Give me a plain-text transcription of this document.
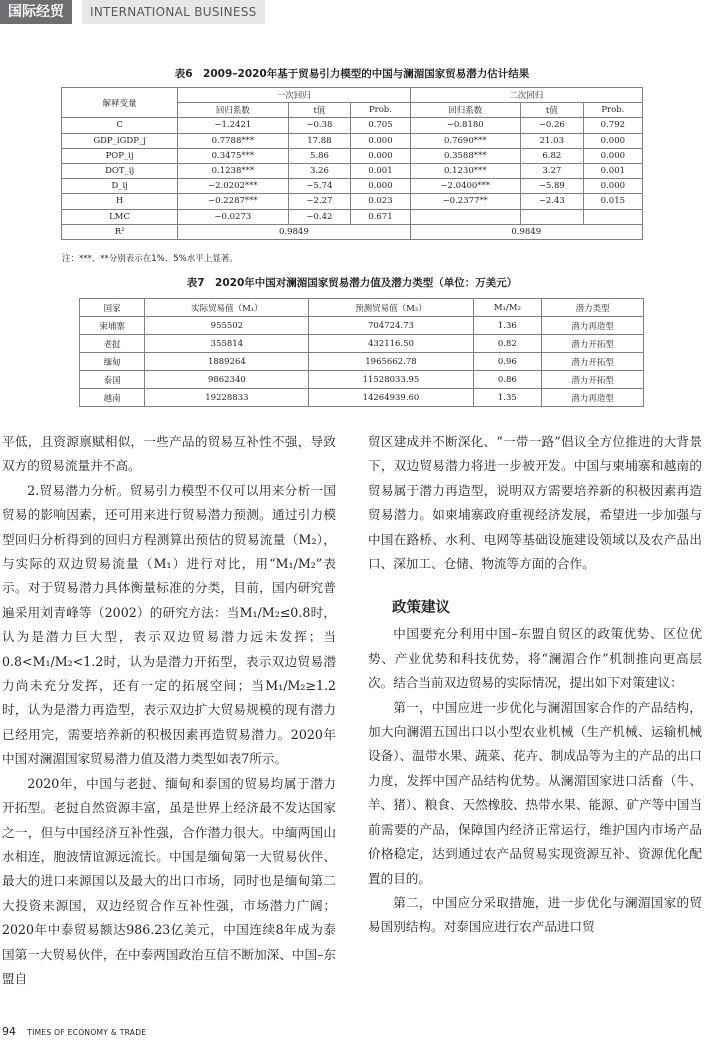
国际经贸	INTERNATIONAL BUSINESS
表6　2009–2020年基于贸易引力模型的中国与澜湄国家贸易潜力估计结果
解释变量	一次回归			二次回归		
	回归系数	t值	Prob.	回归系数	t值	Prob.
C	−1.2421	−0.38	0.705	−0.8180	−0.26	0.792
GDP_iGDP_j	0.7788***	17.88	0.000	0.7690***	21.03	0.000
POP_ij	0.3475***	5.86	0.000	0.3588***	6.82	0.000
DOT_ij	0.1238***	3.26	0.001	0.1230***	3.27	0.001
D_ij	−2.0202***	−5.74	0.000	−2.0400***	−5.89	0.000
H	−0.2287***	−2.27	0.023	−0.2377**	−2.43	0.015
LMC	−0.0273	−0.42	0.671			
R²	0.9849			0.9849		
注：***、**分别表示在1%、5%水平上显著。
表7　2020年中国对澜湄国家贸易潜力值及潜力类型（单位：万美元）
国家	实际贸易值（M₁）	预测贸易值（M₂）	M₁/M₂	潜力类型
柬埔寨	955502	704724.73	1.36	潜力再造型
老挝	355814	432116.50	0.82	潜力开拓型
缅甸	1889264	1965662.78	0.96	潜力开拓型
泰国	9862340	11528033.95	0.86	潜力开拓型
越南	19228833	14264939.60	1.35	潜力再造型

平低，且资源禀赋相似，一些产品的贸易互补性不强，导致双方的贸易流量并不高。

2.贸易潜力分析。贸易引力模型不仅可以用来分析一国贸易的影响因素，还可用来进行贸易潜力预测。通过引力模型回归分析得到的回归方程测算出预估的贸易流量（M₂），与实际的双边贸易流量（M₁）进行对比，用“M₁/M₂”表示。对于贸易潜力具体衡量标准的分类，目前，国内研究普遍采用刘青峰等（2002）的研究方法：当M₁/M₂≤0.8时，认为是潜力巨大型，表示双边贸易潜力远未发挥；当0.8<M₁/M₂<1.2时，认为是潜力开拓型，表示双边贸易潜力尚未充分发挥，还有一定的拓展空间；当M₁/M₂≥1.2时，认为是潜力再造型，表示双边扩大贸易规模的现有潜力已经用完，需要培养新的积极因素再造贸易潜力。2020年中国对澜湄国家贸易潜力值及潜力类型如表7所示。

2020年，中国与老挝、缅甸和泰国的贸易均属于潜力开拓型。老挝自然资源丰富，虽是世界上经济最不发达国家之一，但与中国经济互补性强，合作潜力很大。中缅两国山水相连，胞波情谊源远流长。中国是缅甸第一大贸易伙伴、最大的进口来源国以及最大的出口市场，同时也是缅甸第二大投资来源国，双边经贸合作互补性强，市场潜力广阔；2020年中泰贸易额达986.23亿美元，中国连续8年成为泰国第一大贸易伙伴，在中泰两国政治互信不断加深、中国–东盟自

贸区建成并不断深化、“一带一路”倡议全方位推进的大背景下，双边贸易潜力将进一步被开发。中国与柬埔寨和越南的贸易属于潜力再造型，说明双方需要培养新的积极因素再造贸易潜力。如柬埔寨政府重视经济发展，希望进一步加强与中国在路桥、水利、电网等基础设施建设领域以及农产品出口、深加工、仓储、物流等方面的合作。

政策建议

中国要充分利用中国–东盟自贸区的政策优势、区位优势、产业优势和科技优势，将“澜湄合作”机制推向更高层次。结合当前双边贸易的实际情况，提出如下对策建议：

第一，中国应进一步优化与澜湄国家合作的产品结构，加大向澜湄五国出口以小型农业机械（生产机械、运输机械设备）、温带水果、蔬菜、花卉、制成品等为主的产品的出口力度，发挥中国产品结构优势。从澜湄国家进口活畜（牛、羊、猪）、粮食、天然橡胶、热带水果、能源、矿产等中国当前需要的产品，保障国内经济正常运行，维护国内市场产品价格稳定，达到通过农产品贸易实现资源互补、资源优化配置的目的。

第二，中国应分采取措施，进一步优化与澜湄国家的贸易国别结构。对泰国应进行农产品进口贸

94 TIMES OF ECONOMY & TRADE
